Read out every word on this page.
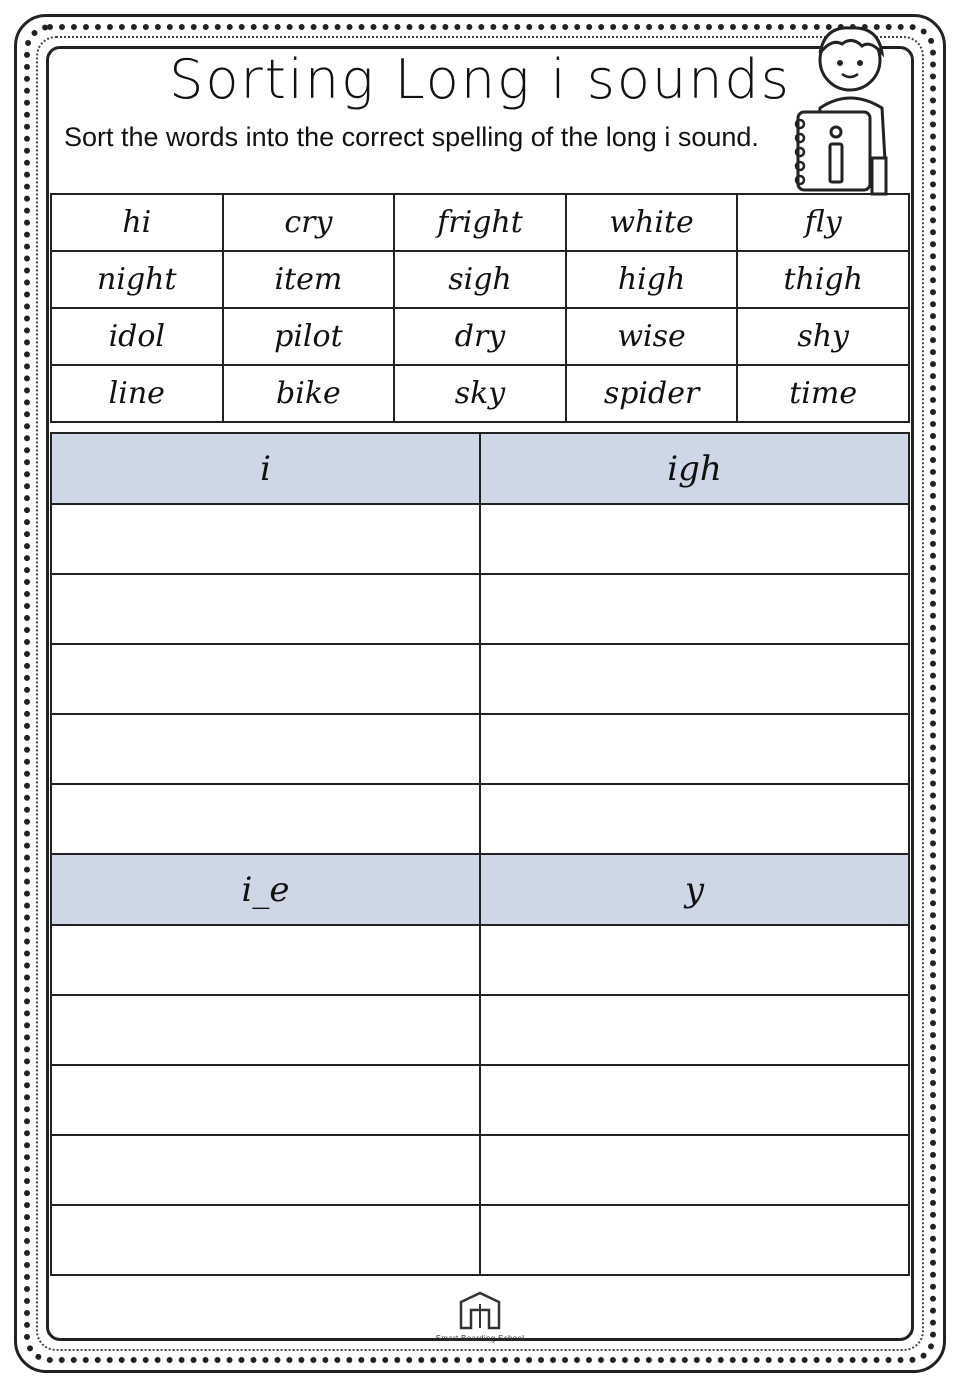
Sorting Long i sounds
Sort the words into the correct spelling of the long i sound.
hi	cry	fright	white	fly
night	item	sigh	high	thigh
idol	pilot	dry	wise	shy
line	bike	sky	spider	time
i	igh

i_e	y

Smart Boarding School
